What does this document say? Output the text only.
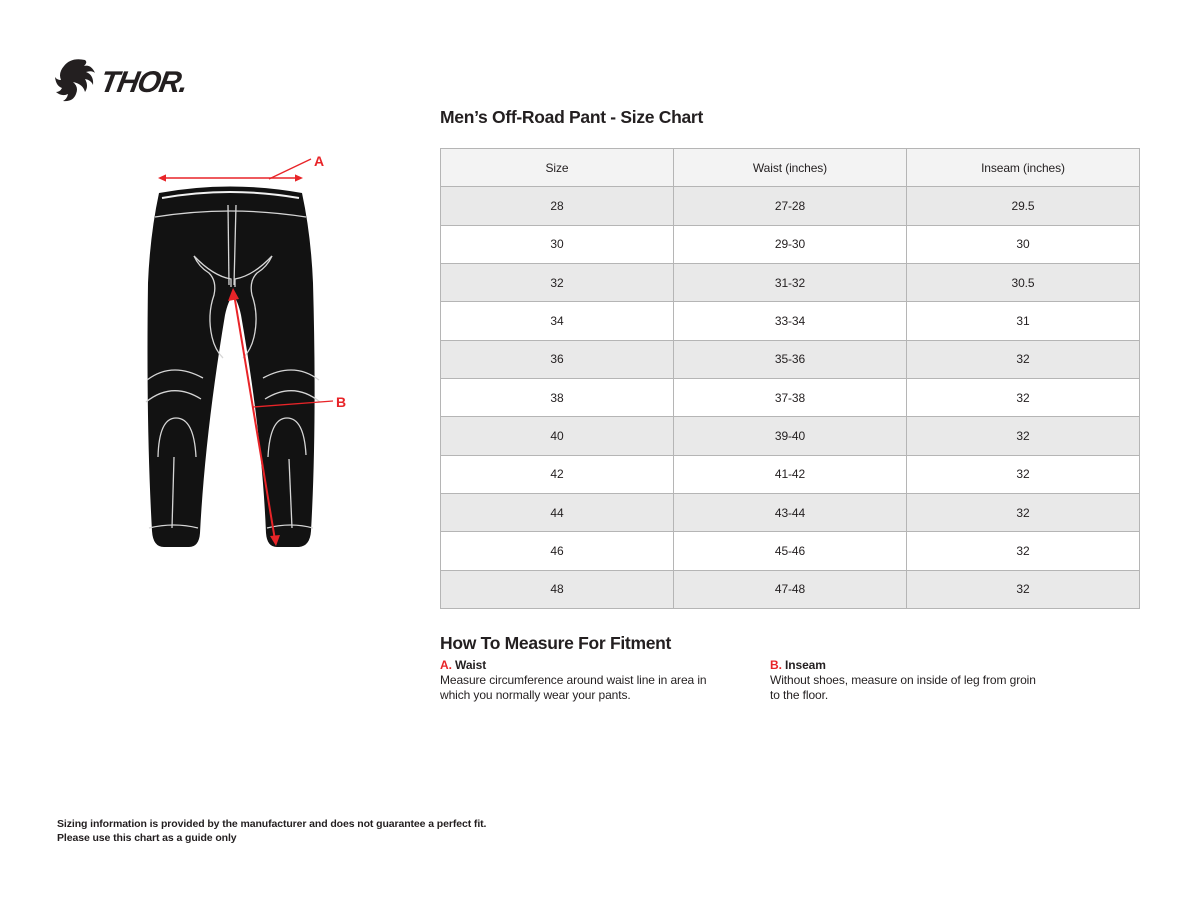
THOR.
A
B
Men’s Off-Road Pant - Size Chart
Size	Waist (inches)	Inseam (inches)
28	27-28	29.5
30	29-30	30
32	31-32	30.5
34	33-34	31
36	35-36	32
38	37-38	32
40	39-40	32
42	41-42	32
44	43-44	32
46	45-46	32
48	47-48	32
How To Measure For Fitment
A. Waist
Measure circumference around waist line in area in which you normally wear your pants.
B. Inseam
Without shoes, measure on inside of leg from groin to the floor.
Sizing information is provided by the manufacturer and does not guarantee a perfect fit.
Please use this chart as a guide only
